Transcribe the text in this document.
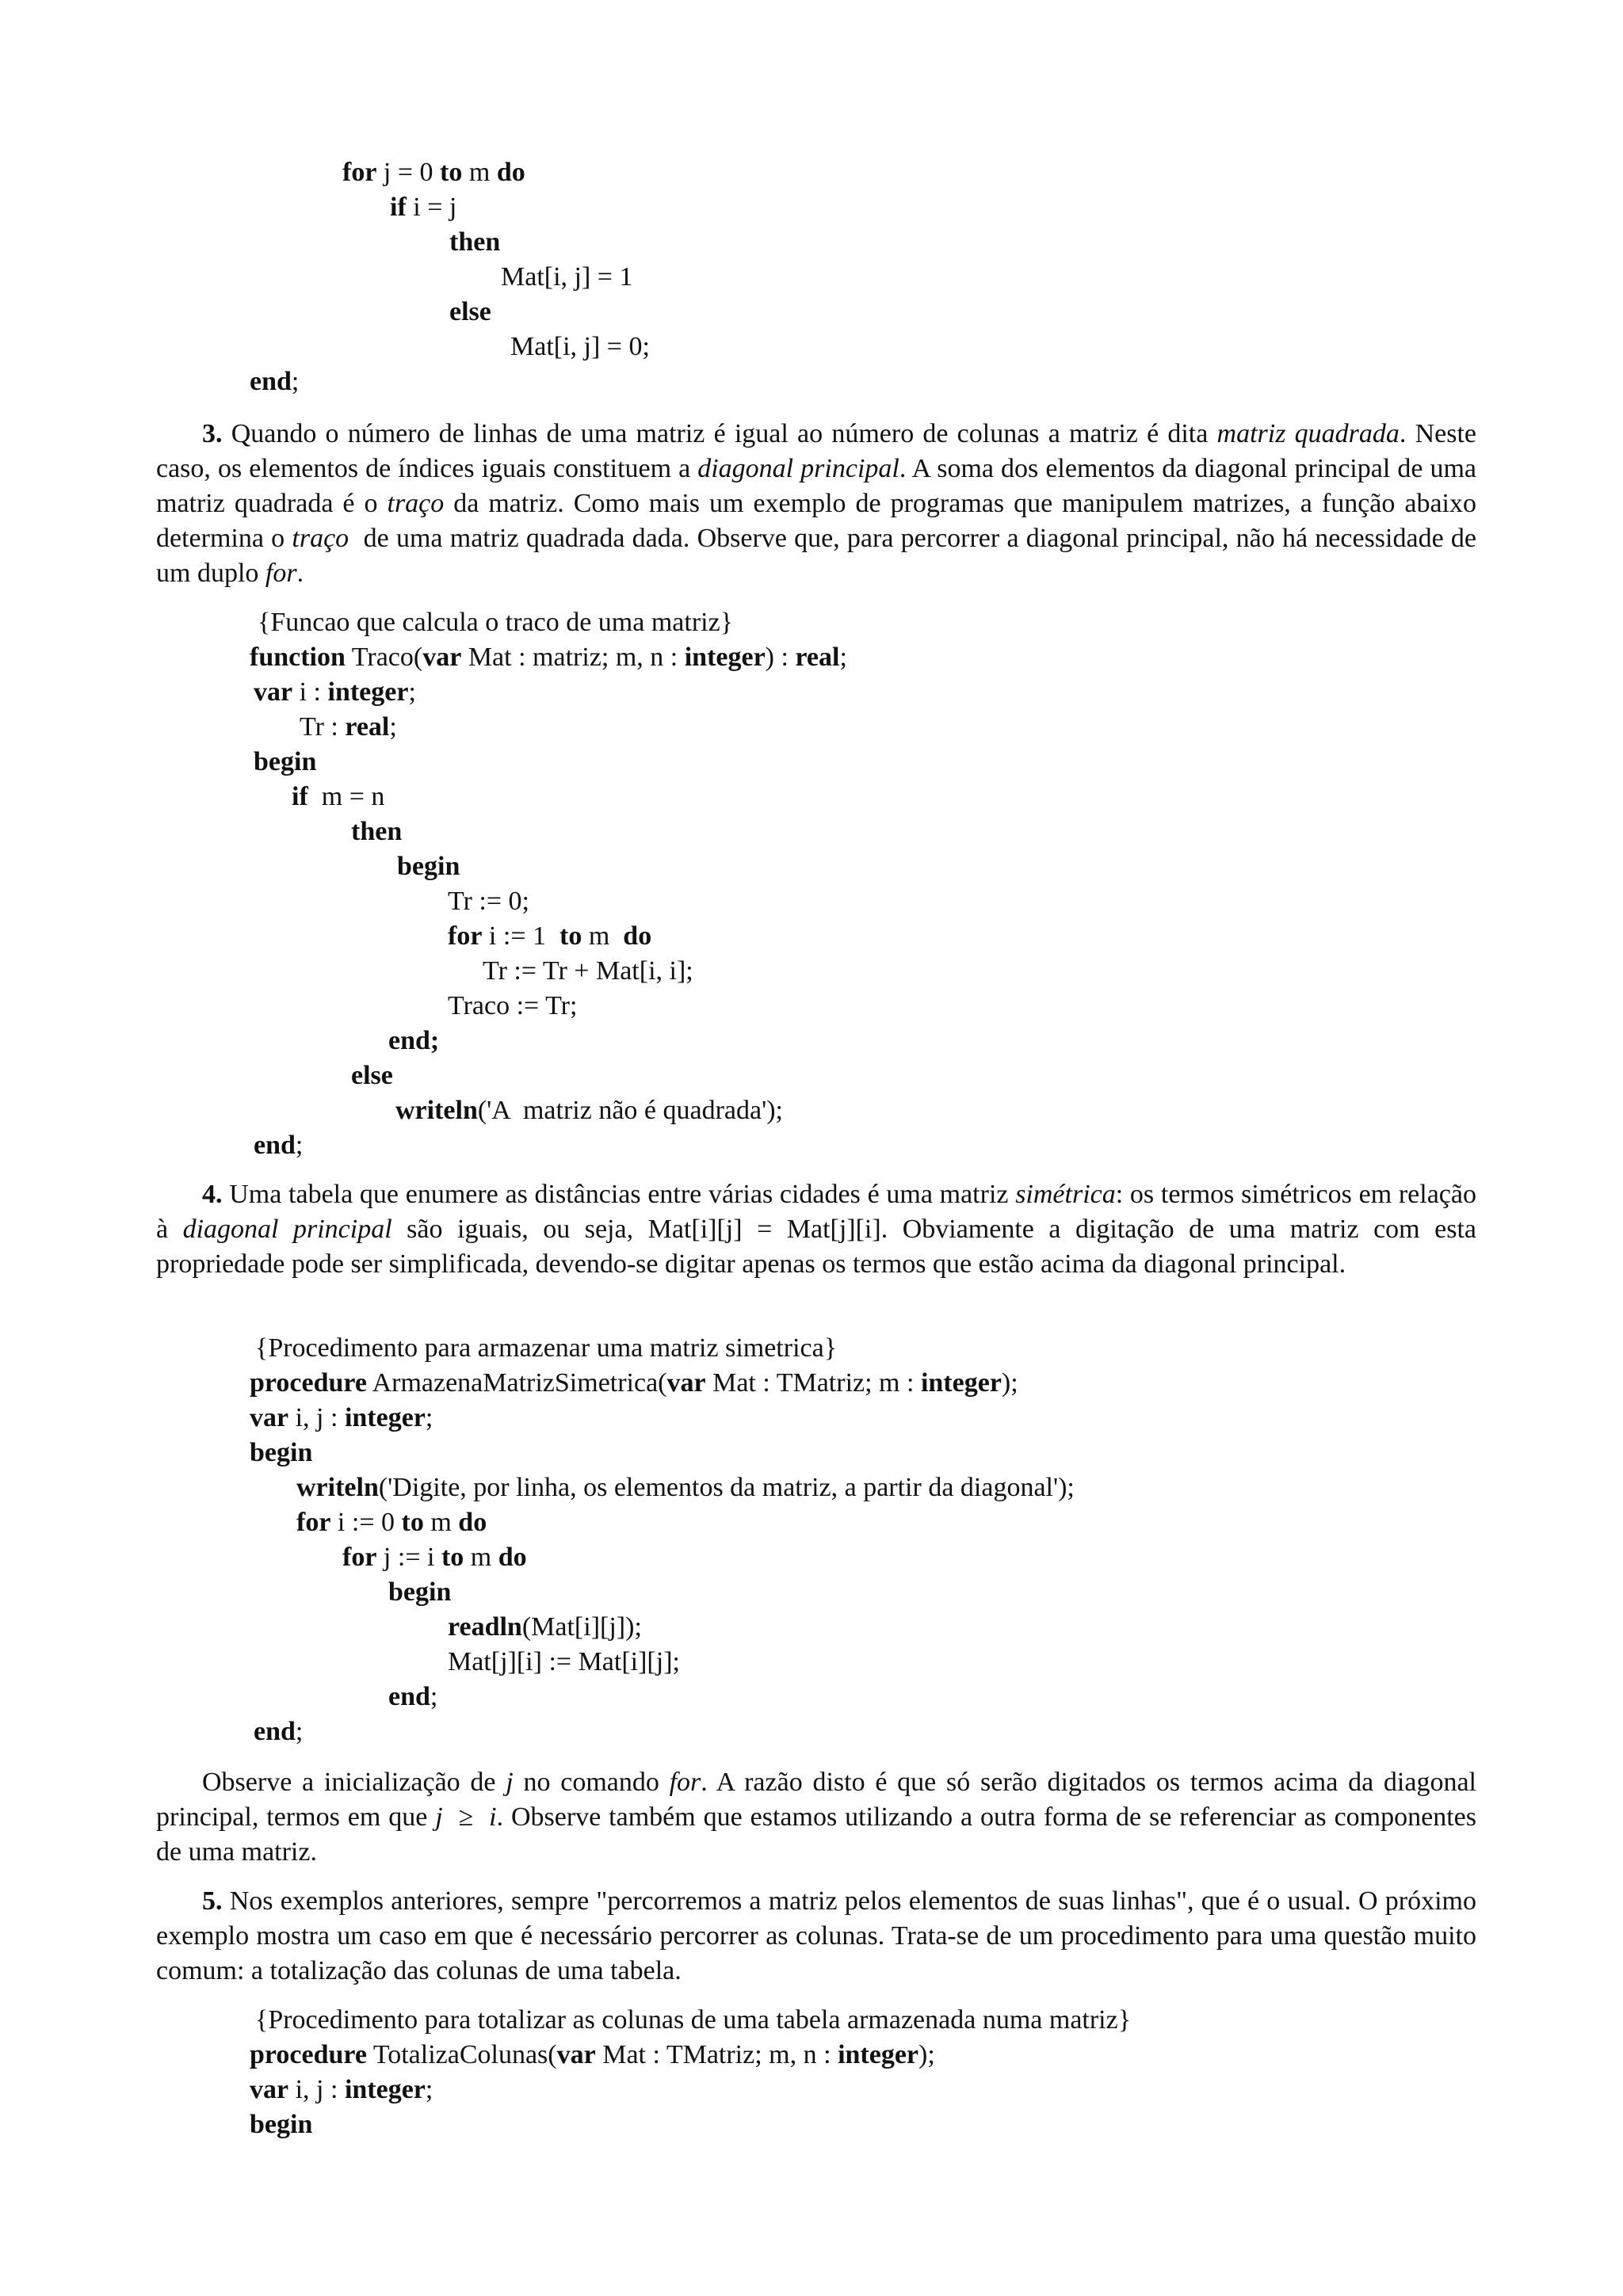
for j = 0 to m do
if i = j
then
Mat[i, j] = 1
else
Mat[i, j] = 0;
end;
3. Quando o número de linhas de uma matriz é igual ao número de colunas a matriz é dita matriz quadrada. Neste caso, os elementos de índices iguais constituem a diagonal principal. A soma dos elementos da diagonal principal de uma matriz quadrada é o traço da matriz. Como mais um exemplo de programas que manipulem matrizes, a função abaixo determina o traço  de uma matriz quadrada dada. Observe que, para percorrer a diagonal principal, não há necessidade de um duplo for.
{Funcao que calcula o traco de uma matriz}
function Traco(var Mat : matriz; m, n : integer) : real;
var i : integer;
Tr : real;
begin
if  m = n
then
begin
Tr := 0;
for i := 1  to m  do
Tr := Tr + Mat[i, i];
Traco := Tr;
end;
else
writeln('A  matriz não é quadrada');
end;
4. Uma tabela que enumere as distâncias entre várias cidades é uma matriz simétrica: os termos simétricos em relação à diagonal principal são iguais, ou seja, Mat[i][j] = Mat[j][i]. Obviamente a digitação de uma matriz com esta propriedade pode ser simplificada, devendo-se digitar apenas os termos que estão acima da diagonal principal.
{Procedimento para armazenar uma matriz simetrica}
procedure ArmazenaMatrizSimetrica(var Mat : TMatriz; m : integer);
var i, j : integer;
begin
writeln('Digite, por linha, os elementos da matriz, a partir da diagonal');
for i := 0 to m do
for j := i to m do
begin
readln(Mat[i][j]);
Mat[j][i] := Mat[i][j];
end;
end;
Observe a inicialização de j no comando for. A razão disto é que só serão digitados os termos acima da diagonal principal, termos em que j  ≥  i. Observe também que estamos utilizando a outra forma de se referenciar as componentes de uma matriz.
5. Nos exemplos anteriores, sempre "percorremos a matriz pelos elementos de suas linhas", que é o usual. O próximo exemplo mostra um caso em que é necessário percorrer as colunas. Trata-se de um procedimento para uma questão muito comum: a totalização das colunas de uma tabela.
{Procedimento para totalizar as colunas de uma tabela armazenada numa matriz}
procedure TotalizaColunas(var Mat : TMatriz; m, n : integer);
var i, j : integer;
begin
